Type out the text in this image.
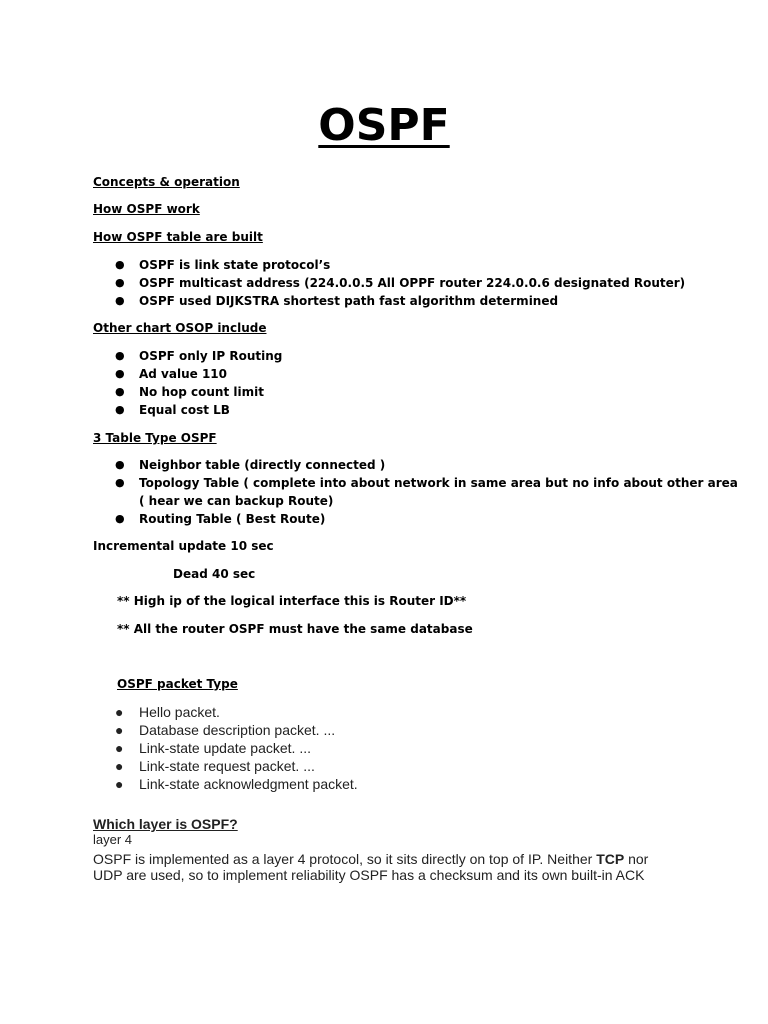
OSPF
Concepts & operation
How OSPF work
How OSPF table are built
● OSPF is link state protocol’s
● OSPF multicast address (224.0.0.5 All OPPF router 224.0.0.6 designated Router)
● OSPF used DIJKSTRA shortest path fast algorithm determined
Other chart OSOP include
● OSPF only IP Routing
● Ad value 110
● No hop count limit
● Equal cost LB
3 Table Type OSPF
● Neighbor table (directly connected )
● Topology Table ( complete into about network in same area but no info about other area
( hear we can backup Route)
● Routing Table ( Best Route)
Incremental update 10 sec
Dead 40 sec
** High ip of the logical interface this is Router ID**
** All the router OSPF must have the same database
OSPF packet Type
● Hello packet.
● Database description packet. ...
● Link-state update packet. ...
● Link-state request packet. ...
● Link-state acknowledgment packet.
Which layer is OSPF?
layer 4
OSPF is implemented as a layer 4 protocol, so it sits directly on top of IP. Neither TCP nor
UDP are used, so to implement reliability OSPF has a checksum and its own built-in ACK
